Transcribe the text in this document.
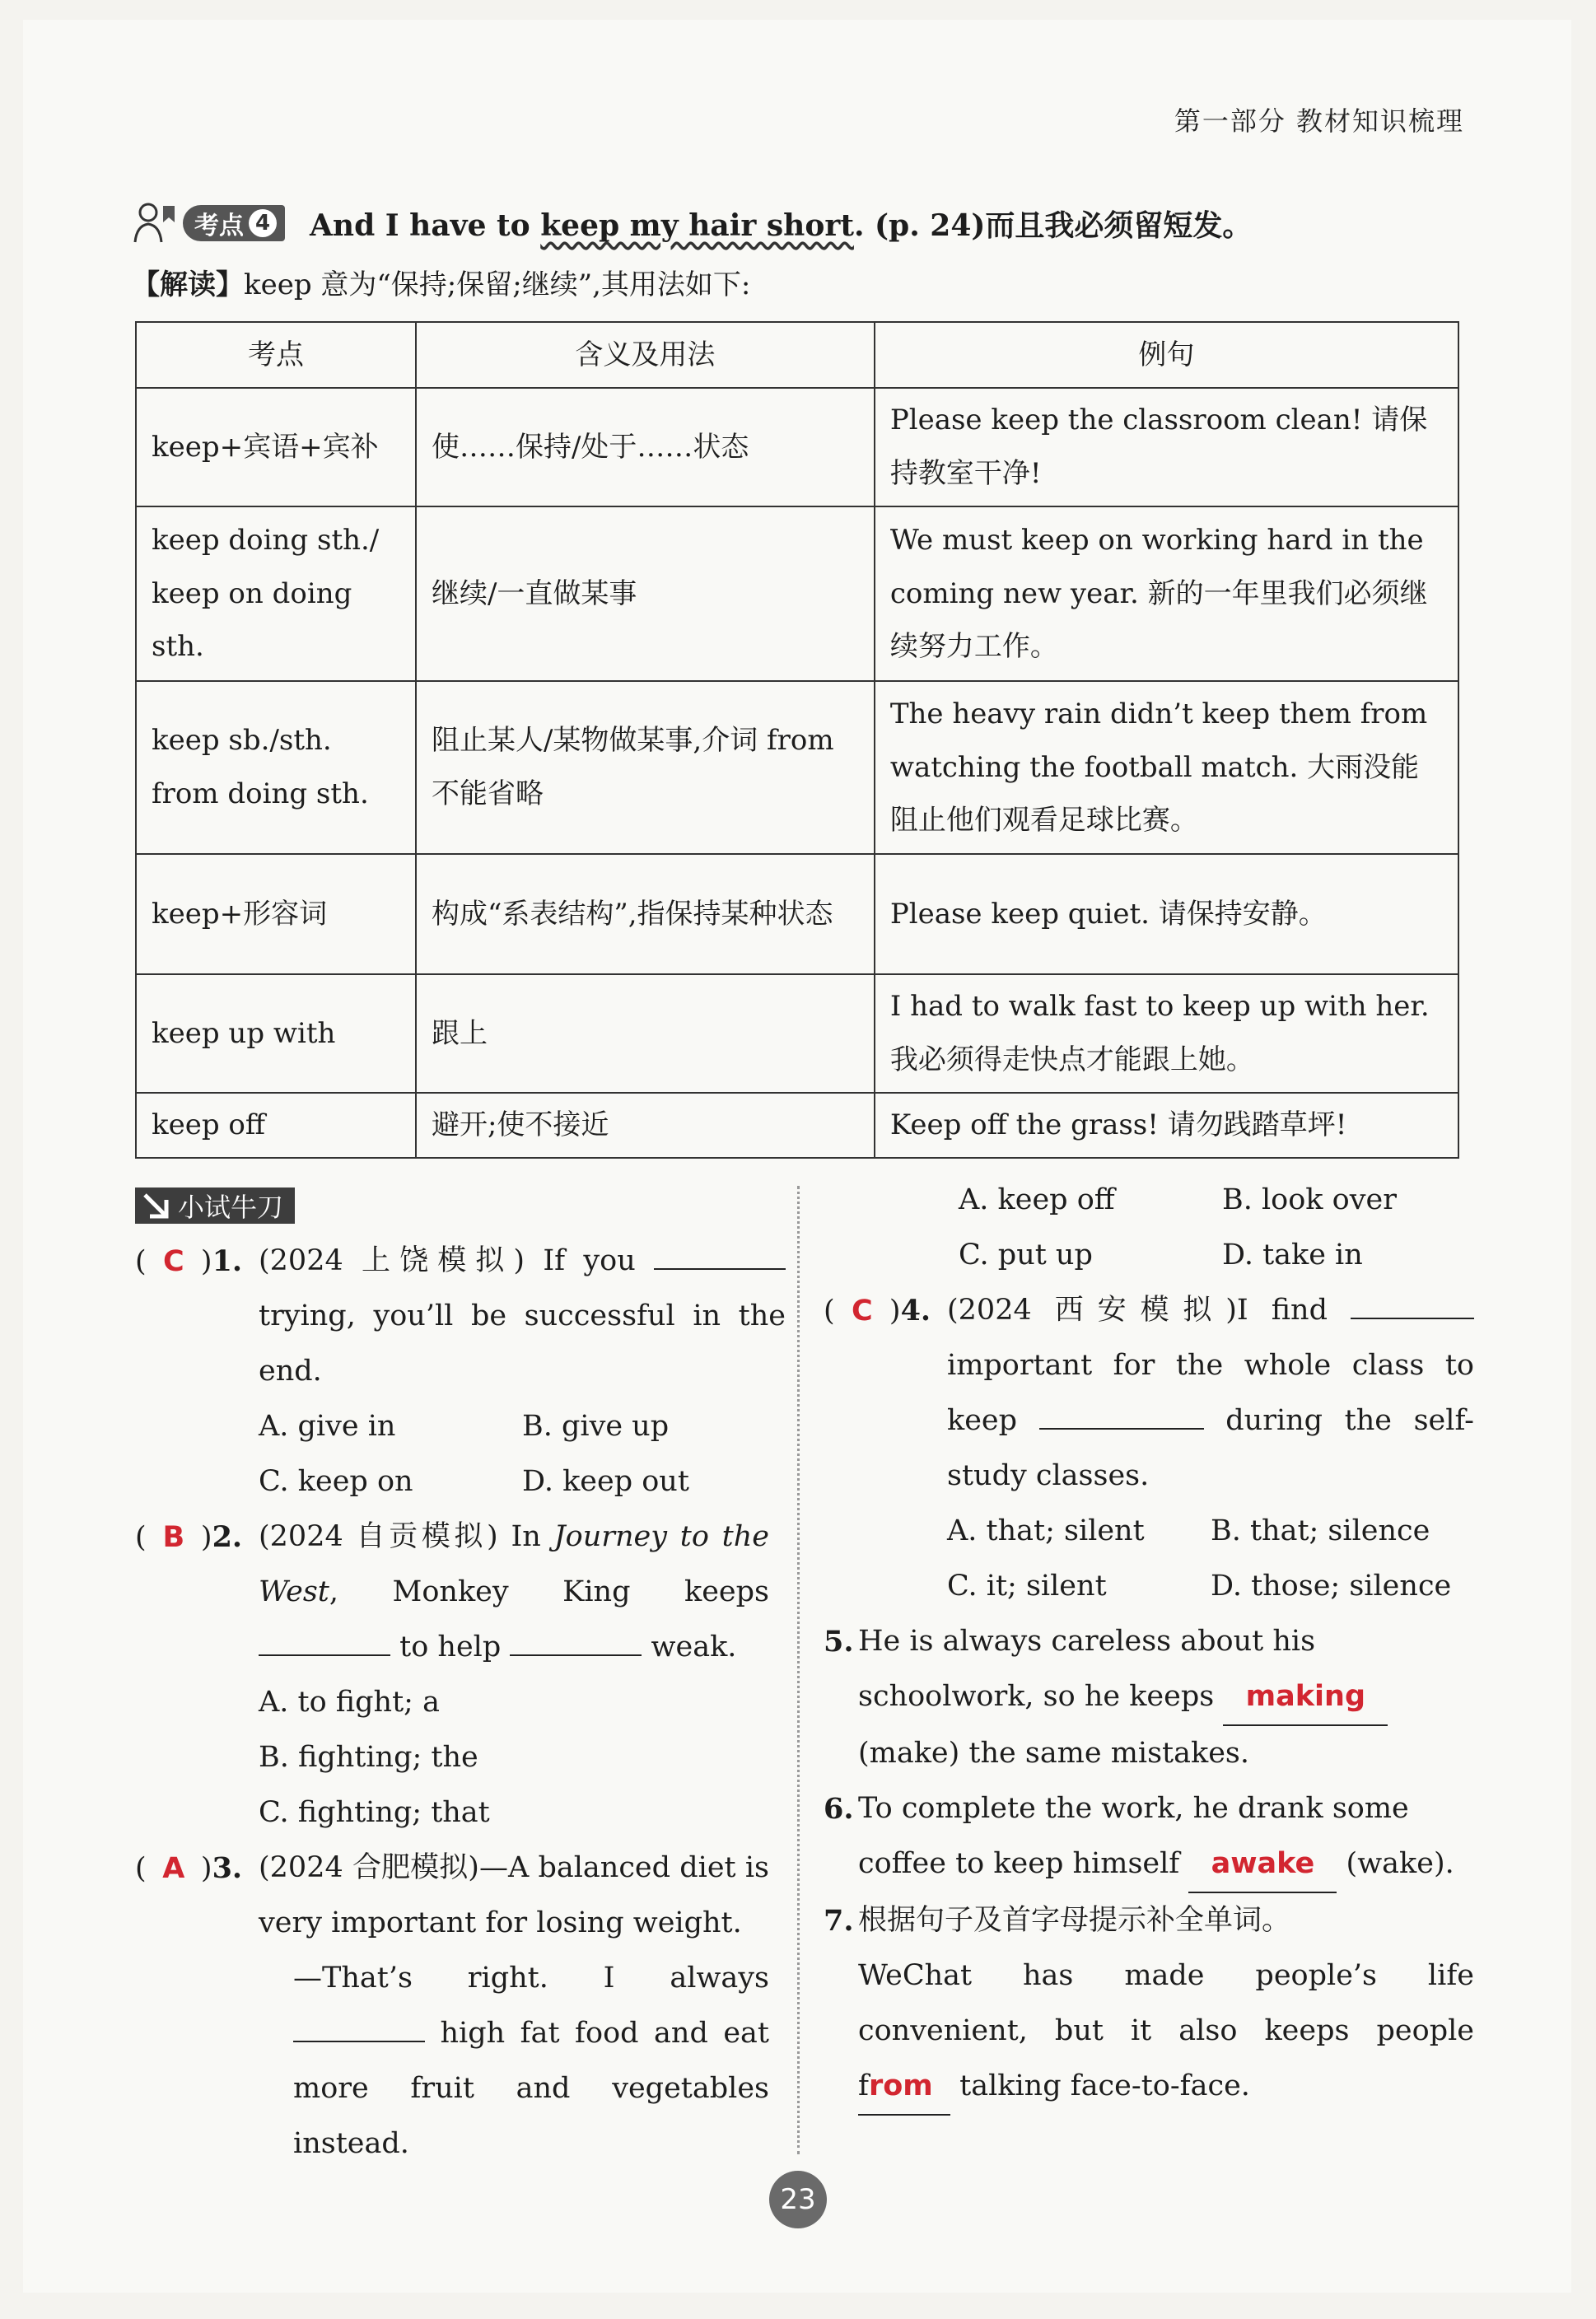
第一部分 教材知识梳理
考点 4 And I have to keep my hair short. (p. 24)而且我必须留短发。
【解读】keep 意为“保持;保留;继续”,其用法如下:
考点	含义及用法	例句
keep+宾语+宾补	使……保持/处于……状态	Please keep the classroom clean! 请保持教室干净!
keep doing sth./ keep on doing sth.	继续/一直做某事	We must keep on working hard in the coming new year. 新的一年里我们必须继续努力工作。
keep sb./sth. from doing sth.	阻止某人/某物做某事,介词 from 不能省略	The heavy rain didn’t keep them from watching the football match. 大雨没能阻止他们观看足球比赛。
keep+形容词	构成“系表结构”,指保持某种状态	Please keep quiet. 请保持安静。
keep up with	跟上	I had to walk fast to keep up with her. 我必须得走快点才能跟上她。
keep off	避开;使不接近	Keep off the grass! 请勿践踏草坪!
小试牛刀
( C )1. (2024 上饶模拟) If you  trying, you’ll be successful in the end.
A. give in	B. give up
C. keep on	D. keep out
( B )2. (2024 自贡模拟) In Journey to the West, Monkey King keeps  to help	weak.
A. to fight; a
B. fighting; the
C. fighting; that
( A )3. (2024 合肥模拟)—A balanced diet is very important for losing weight.
—That’s right. I always  high fat food and eat more fruit and vegetables instead.
A. keep off	B. look over
C. put up	D. take in
( C )4. (2024 西安模拟)I find  important for the whole class to keep	during the self-study classes.
A. that; silent	B. that; silence
C. it; silent	D. those; silence
5. He is always careless about his schoolwork, so he keeps making (make) the same mistakes.
6. To complete the work, he drank some coffee to keep himself awake (wake).
7. 根据句子及首字母提示补全单词。
WeChat has made people’s life convenient, but it also keeps people from talking face-to-face.
23
